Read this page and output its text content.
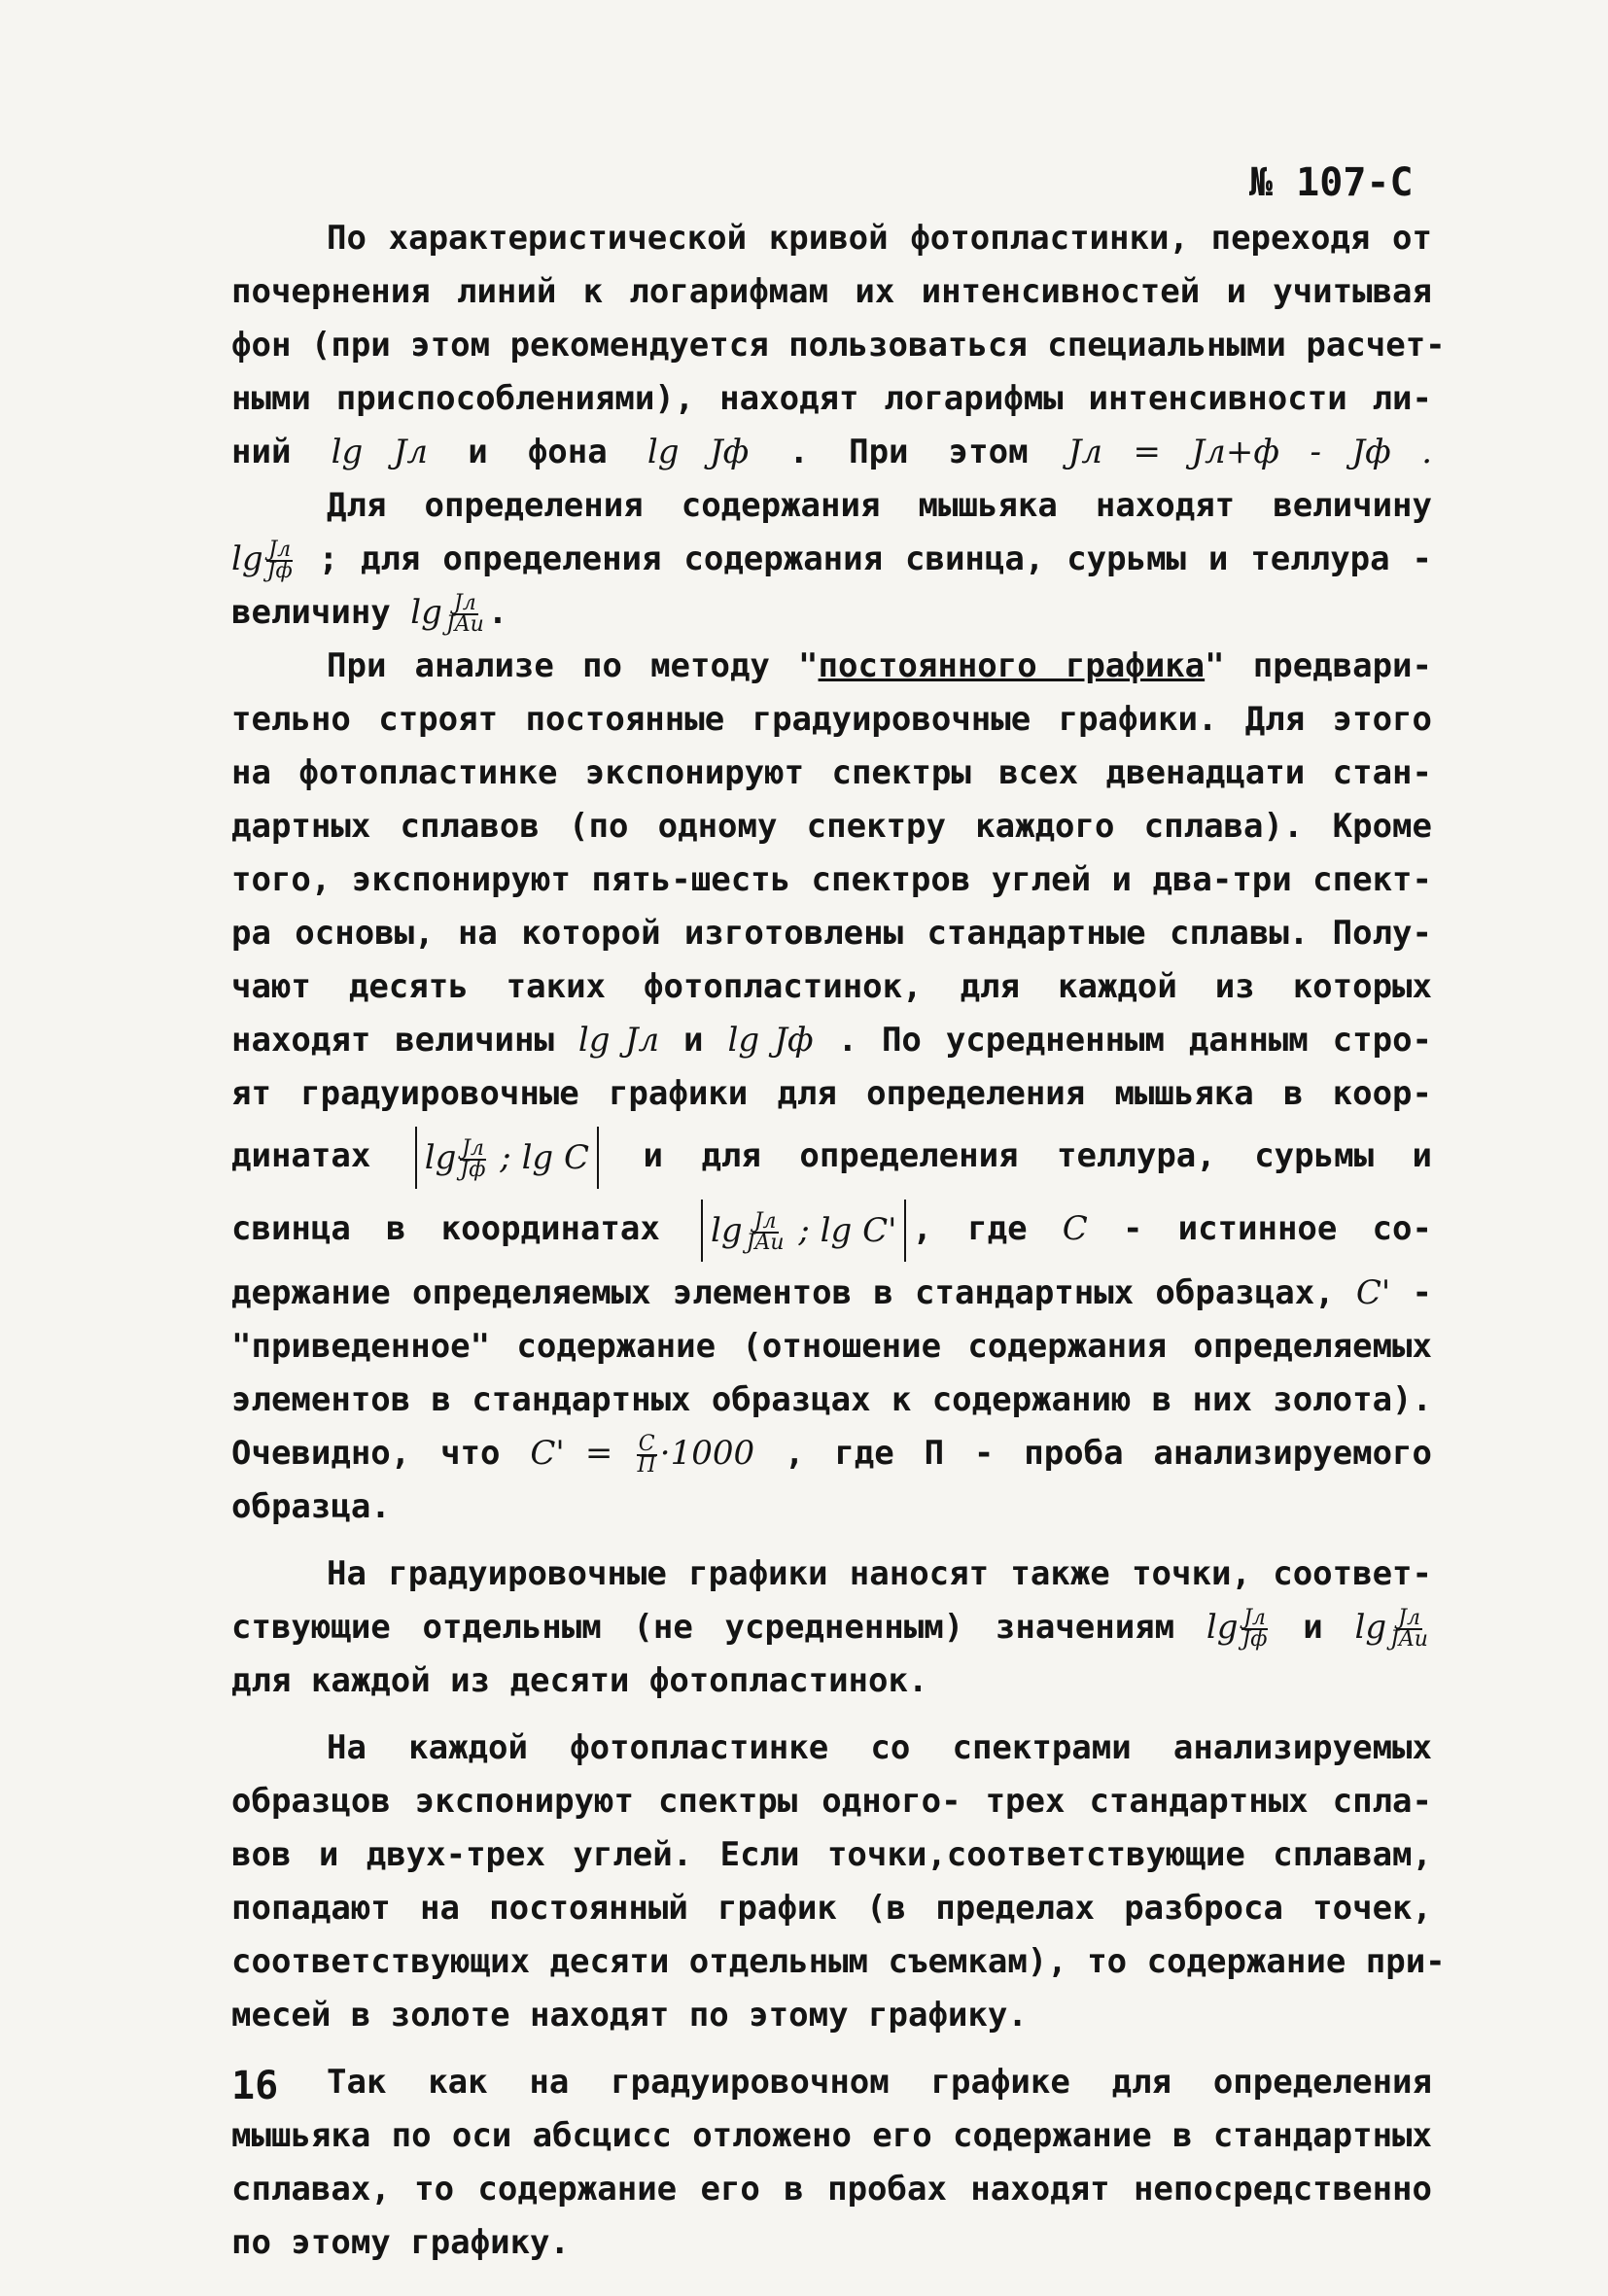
№ 107-С
По характеристической кривой фотопластинки, переходя от
почернения линий к логарифмам их интенсивностей и учитывая
фон (при этом рекомендуется пользоваться специальными расчет-
ными приспособлениями), находят логарифмы интенсивности ли-
ний lg Jл и фона lg Jф . При этом Jл = Jл+ф - Jф .
Для определения содержания мышьяка находят величину
$\lg \frac{Jл}{Jф}$ ; для определения содержания свинца, сурьмы и теллура -
величину $\lg \frac{Jл}{\text{JAu}}$ .
При анализе по методу "постоянного графика" предвари-
тельно строят постоянные градуировочные графики. Для этого
на фотопластинке экспонируют спектры всех двенадцати стан-
дартных сплавов (по одному спектру каждого сплава). Кроме
того, экспонируют пять-шесть спектров углей и два-три спект-
ра основы, на которой изготовлены стандартные сплавы. Полу-
чают десять таких фотопластинок, для каждой из которых
находят величины lg Jл и lg Jф . По усредненным данным стро-
ят градуировочные графики для определения мышьяка в коор-
динатах $\lg \frac{Jл}{Jф}$ ; lg C и для определения теллура, сурьмы и
свинца в координатах $\lg \frac{Jл}{\text{JAu}}$ ; lg C' , где C - истинное со-
держание определяемых элементов в стандартных образцах, C' -
"приведенное" содержание (отношение содержания определяемых
элементов в стандартных образцах к содержанию в них золота).
Очевидно, что $C' = \frac{C}{П} \cdot 1000$ , где П - проба анализируемого
образца.
На градуировочные графики наносят также точки, соответ-
ствующие отдельным (не усредненным) значениям $\lg \frac{Jл}{Jф}$ и $\lg \frac{Jл}{\text{JAu}}$
для каждой из десяти фотопластинок.
На каждой фотопластинке со спектрами анализируемых
образцов экспонируют спектры одного- трех стандартных спла-
вов и двух-трех углей. Если точки,соответствующие сплавам,
попадают на постоянный график (в пределах разброса точек,
соответствующих десяти отдельным съемкам), то содержание при-
месей в золоте находят по этому графику.
Так как на градуировочном графике для определения
мышьяка по оси абсцисс отложено его содержание в стандартных
сплавах, то содержание его в пробах находят непосредственно
по этому графику.
16
